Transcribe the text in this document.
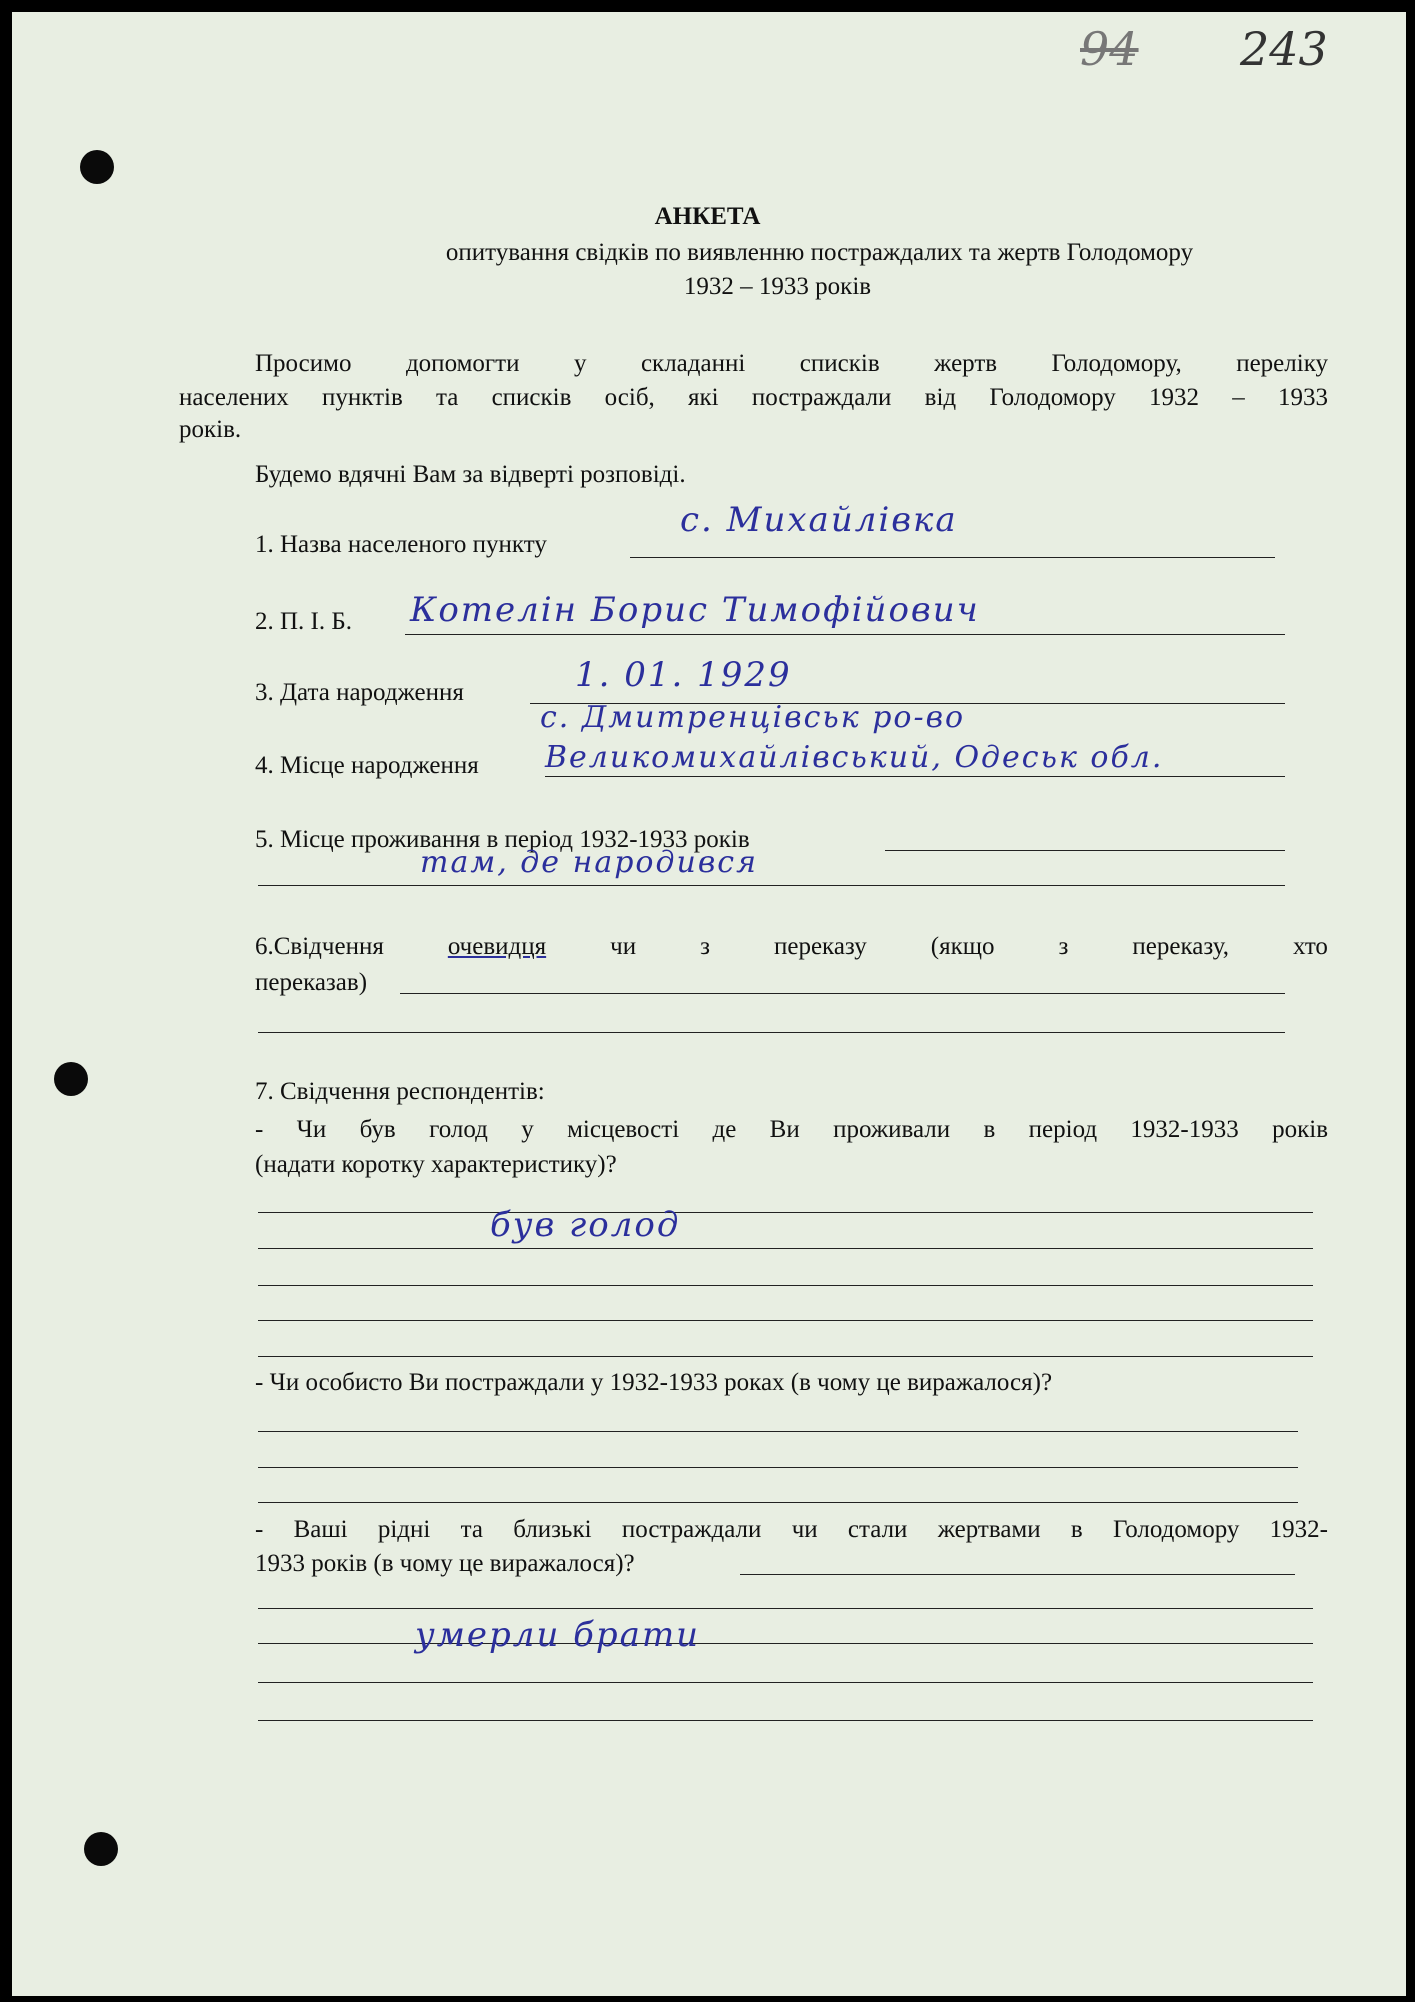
94 243
АНКЕТА
опитування свідків по виявленню постраждалих та жертв Голодомору
1932 – 1933 років
Просимо допомогти у складанні списків жертв Голодомору, переліку
населених пунктів та списків осіб, які постраждали від Голодомору 1932 – 1933
років.
Будемо вдячні Вам за відверті розповіді.
1. Назва населеного пункту
с. Михайлівка
2. П. І. Б. Котелін Борис Тимофійович
3. Дата народження	1. 01. 1929
4. Місце народження
с. Дмитренцівськ ро-во
Великомихайлівський, Одеськ обл.
5. Місце проживання в період 1932-1933 років
там, де народився
6.Свідчення	очевидця	чи	з	переказу	(якщо	з	переказу,	хто
переказав)
7. Свідчення респондентів:
- Чи був голод у місцевості де Ви проживали в період 1932-1933 років
(надати коротку характеристику)?
був голод
- Чи особисто Ви постраждали у 1932-1933 роках (в чому це виражалося)?
- Ваші рідні та близькі постраждали чи стали жертвами в Голодомору 1932-
1933 років (в чому це виражалося)?
умерли брати
